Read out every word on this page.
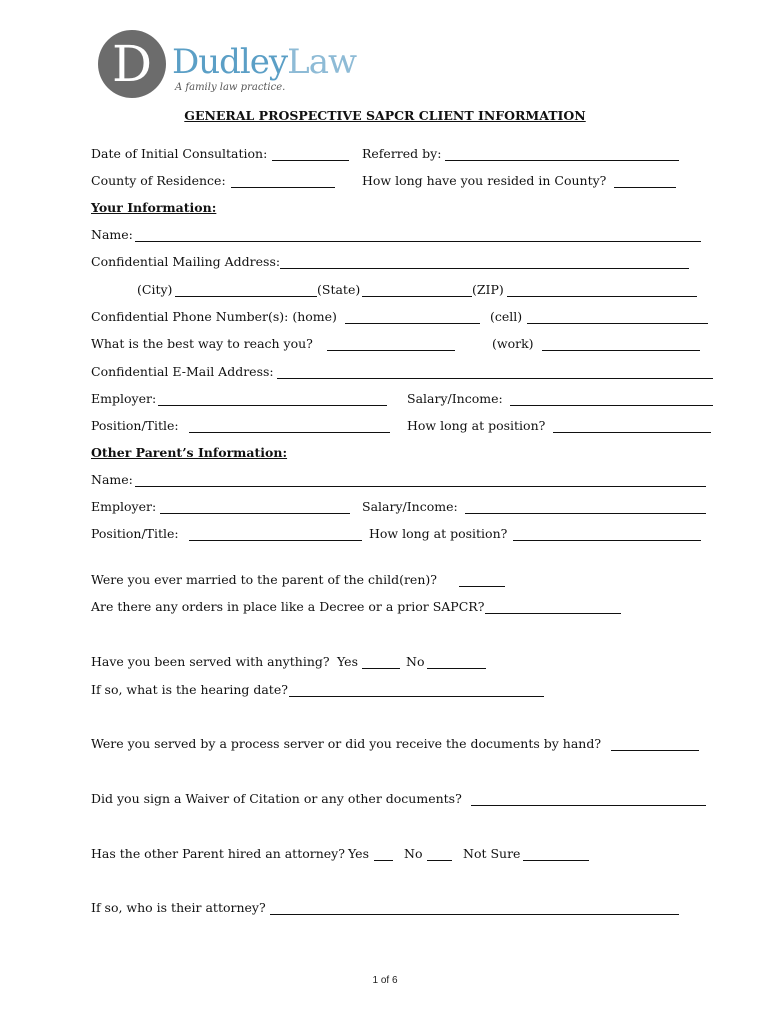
D DudleyLaw
A family law practice.
GENERAL PROSPECTIVE SAPCR CLIENT INFORMATION
Date of Initial Consultation:	Referred by:
County of Residence:	How long have you resided in County?
Your Information:
Name:
Confidential Mailing Address:
(City)	(State)	(ZIP)
Confidential Phone Number(s): (home)	(cell)
What is the best way to reach you?	(work)
Confidential E-Mail Address:
Employer:	Salary/Income:
Position/Title:	How long at position?
Other Parent’s Information:
Name:
Employer:	Salary/Income:
Position/Title:	How long at position?
Were you ever married to the parent of the child(ren)?
Are there any orders in place like a Decree or a prior SAPCR?
Have you been served with anything? Yes	No
If so, what is the hearing date?
Were you served by a process server or did you receive the documents by hand?
Did you sign a Waiver of Citation or any other documents?
Has the other Parent hired an attorney? Yes	No	Not Sure
If so, who is their attorney?
1 of 6
